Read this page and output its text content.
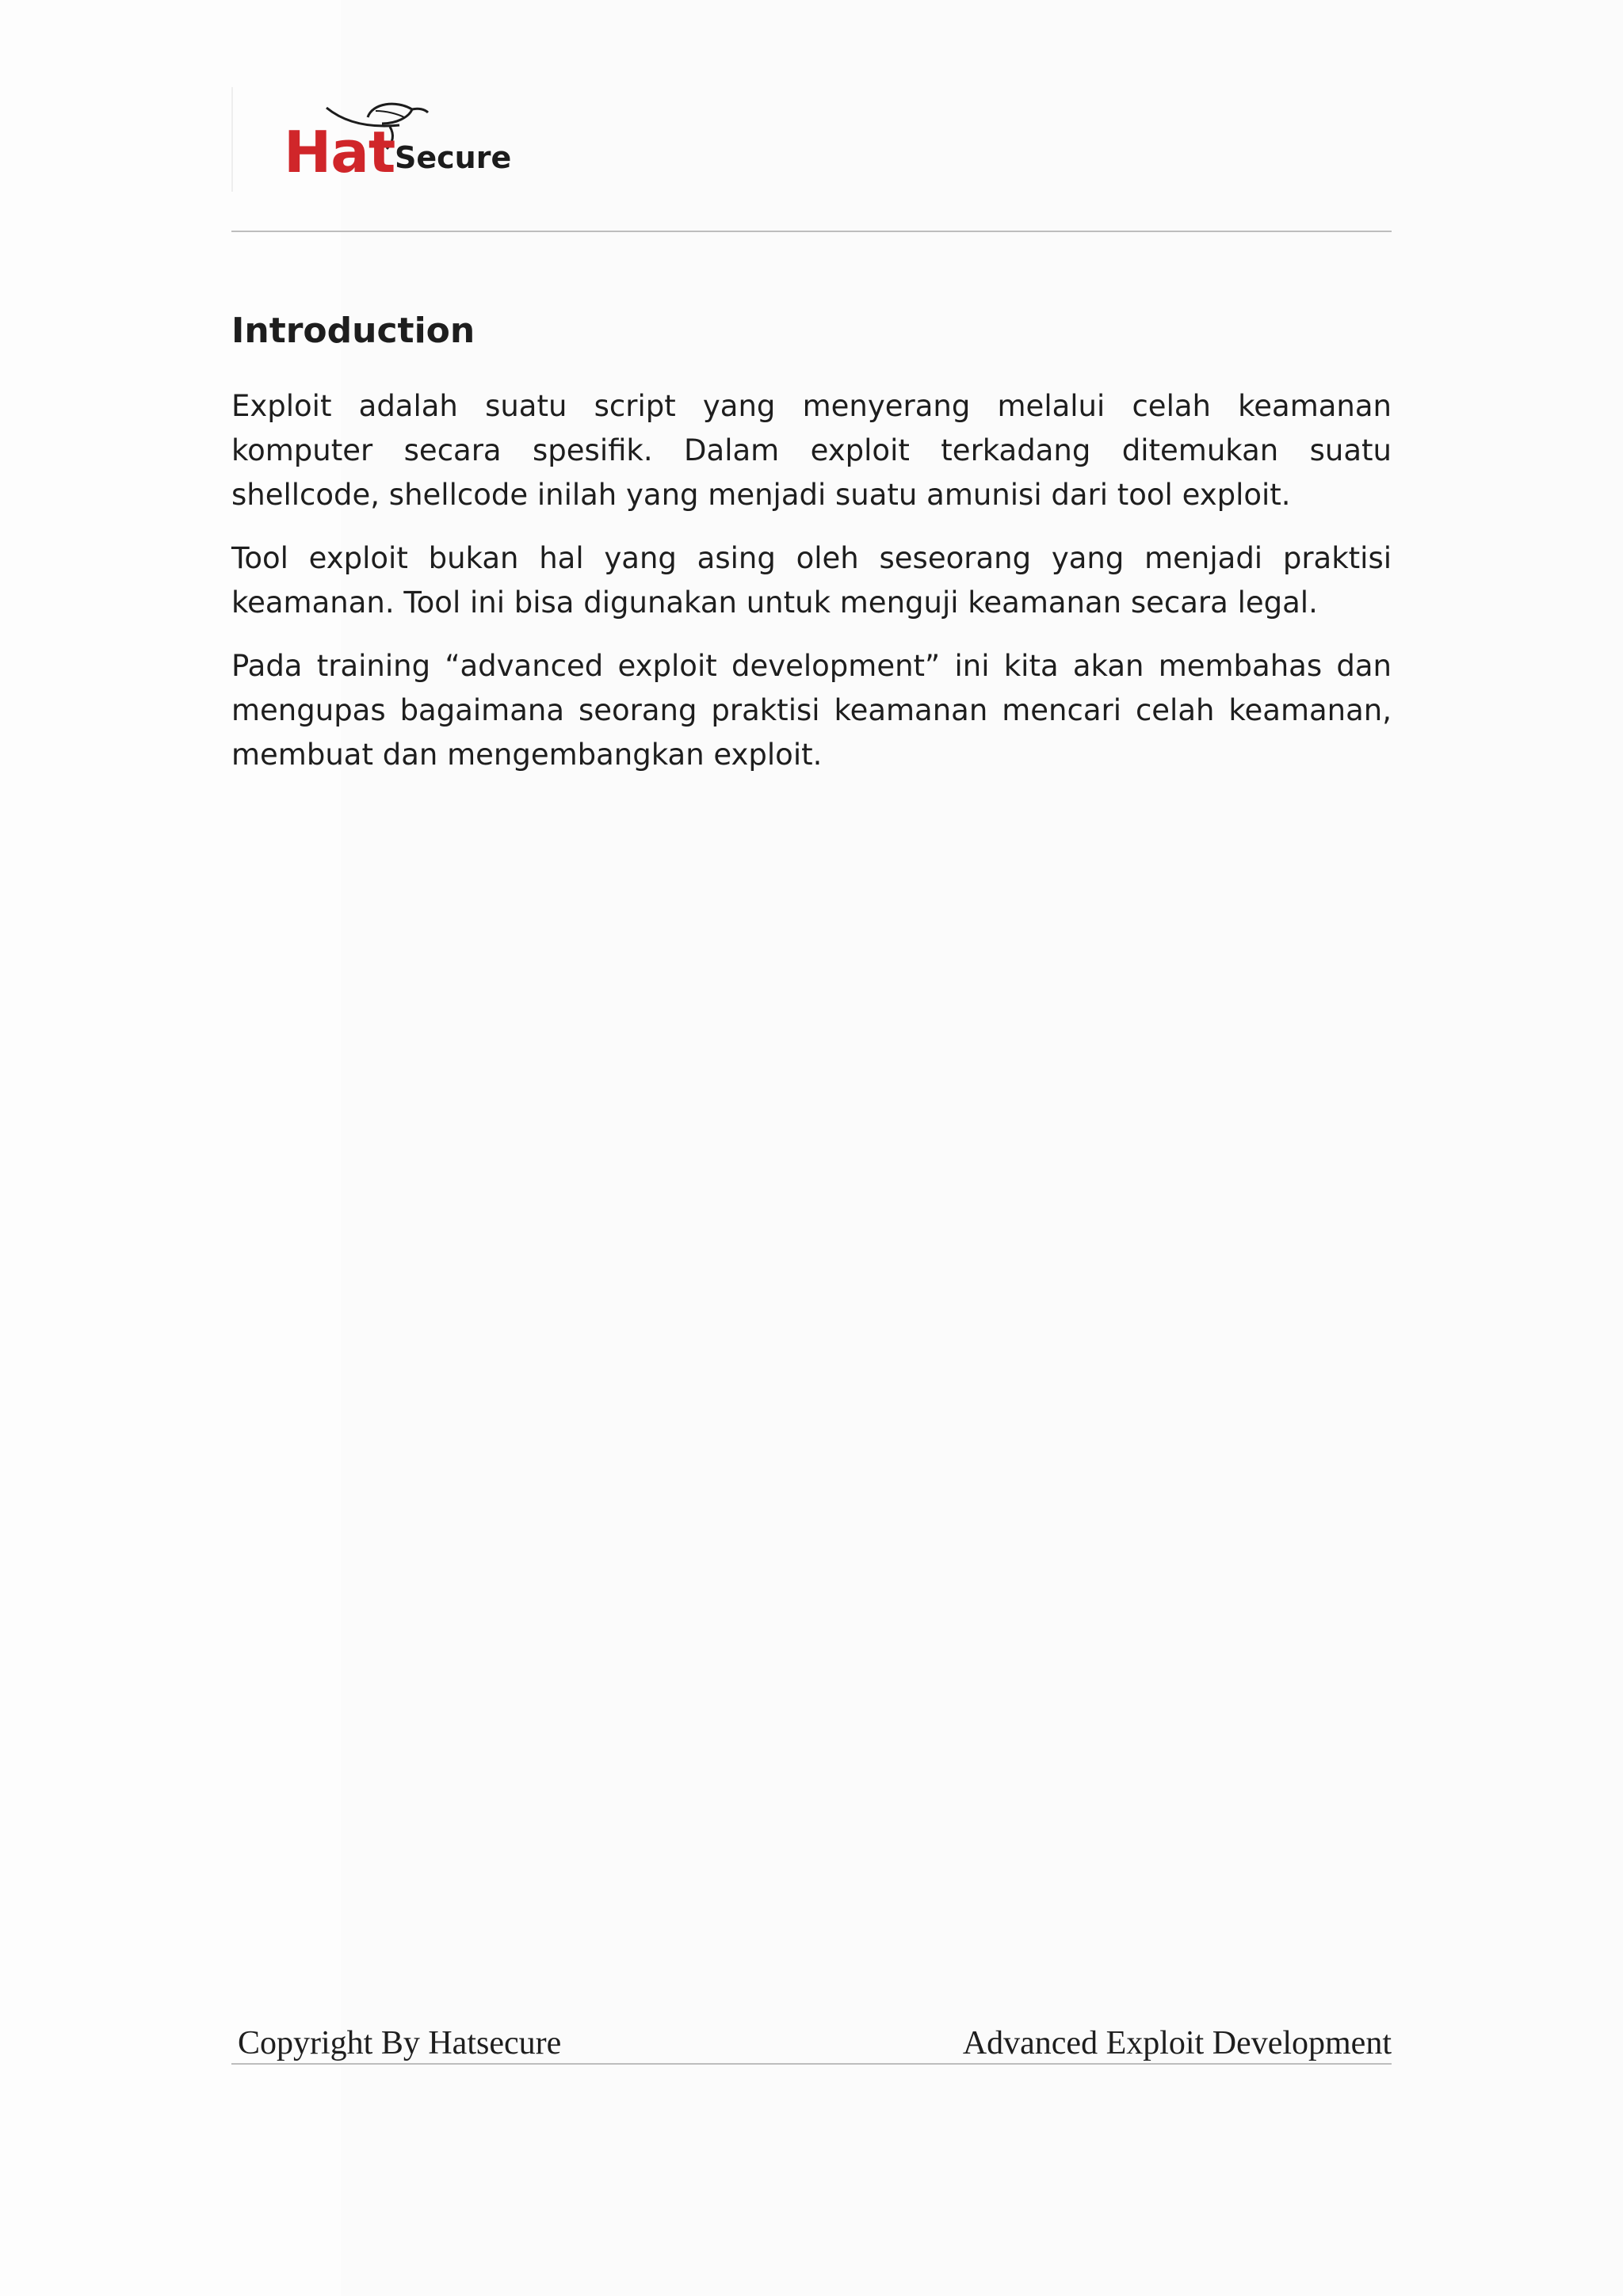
Hat Secure
Introduction

Exploit adalah suatu script yang menyerang melalui celah keamanan komputer secara spesifik. Dalam exploit terkadang ditemukan suatu shellcode, shellcode inilah yang menjadi suatu amunisi dari tool exploit.

Tool exploit bukan hal yang asing oleh seseorang yang menjadi praktisi keamanan. Tool ini bisa digunakan untuk menguji keamanan secara legal.

Pada training “advanced exploit development” ini kita akan membahas dan mengupas bagaimana seorang praktisi keamanan mencari celah keamanan, membuat dan mengembangkan exploit.

Copyright By Hatsecure	Advanced Exploit Development
